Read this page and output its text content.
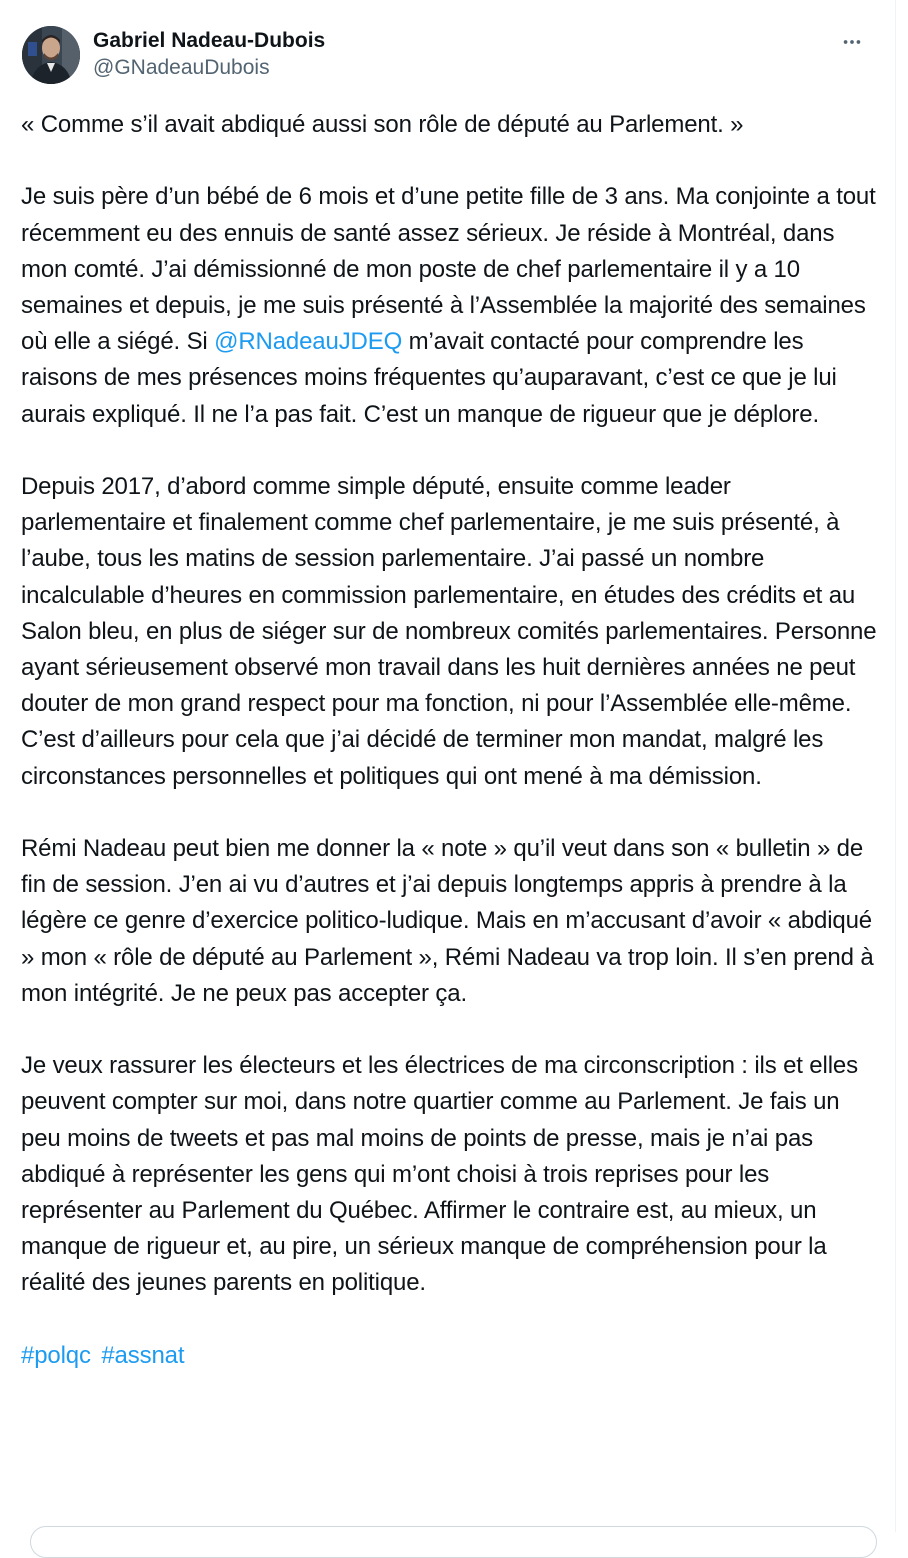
Gabriel Nadeau-Dubois
@GNadeauDubois

« Comme s’il avait abdiqué aussi son rôle de député au Parlement. »

Je suis père d’un bébé de 6 mois et d’une petite fille de 3 ans. Ma conjointe a tout récemment eu des ennuis de santé assez sérieux. Je réside à Montréal, dans mon comté. J’ai démissionné de mon poste de chef parlementaire il y a 10 semaines et depuis, je me suis présenté à l’Assemblée la majorité des semaines où elle a siégé. Si @RNadeauJDEQ m’avait contacté pour comprendre les raisons de mes présences moins fréquentes qu’auparavant, c’est ce que je lui aurais expliqué. Il ne l’a pas fait. C’est un manque de rigueur que je déplore.

Depuis 2017, d’abord comme simple député, ensuite comme leader parlementaire et finalement comme chef parlementaire, je me suis présenté, à l’aube, tous les matins de session parlementaire. J’ai passé un nombre incalculable d’heures en commission parlementaire, en études des crédits et au Salon bleu, en plus de siéger sur de nombreux comités parlementaires. Personne ayant sérieusement observé mon travail dans les huit dernières années ne peut douter de mon grand respect pour ma fonction, ni pour l’Assemblée elle-même. C’est d’ailleurs pour cela que j’ai décidé de terminer mon mandat, malgré les circonstances personnelles et politiques qui ont mené à ma démission.

Rémi Nadeau peut bien me donner la « note » qu’il veut dans son « bulletin » de fin de session. J’en ai vu d’autres et j’ai depuis longtemps appris à prendre à la légère ce genre d’exercice politico-ludique. Mais en m’accusant d’avoir « abdiqué » mon « rôle de député au Parlement », Rémi Nadeau va trop loin. Il s’en prend à mon intégrité. Je ne peux pas accepter ça.

Je veux rassurer les électeurs et les électrices de ma circonscription : ils et elles peuvent compter sur moi, dans notre quartier comme au Parlement. Je fais un peu moins de tweets et pas mal moins de points de presse, mais je n’ai pas abdiqué à représenter les gens qui m’ont choisi à trois reprises pour les représenter au Parlement du Québec. Affirmer le contraire est, au mieux, un manque de rigueur et, au pire, un sérieux manque de compréhension pour la réalité des jeunes parents en politique.

#polqc #assnat
